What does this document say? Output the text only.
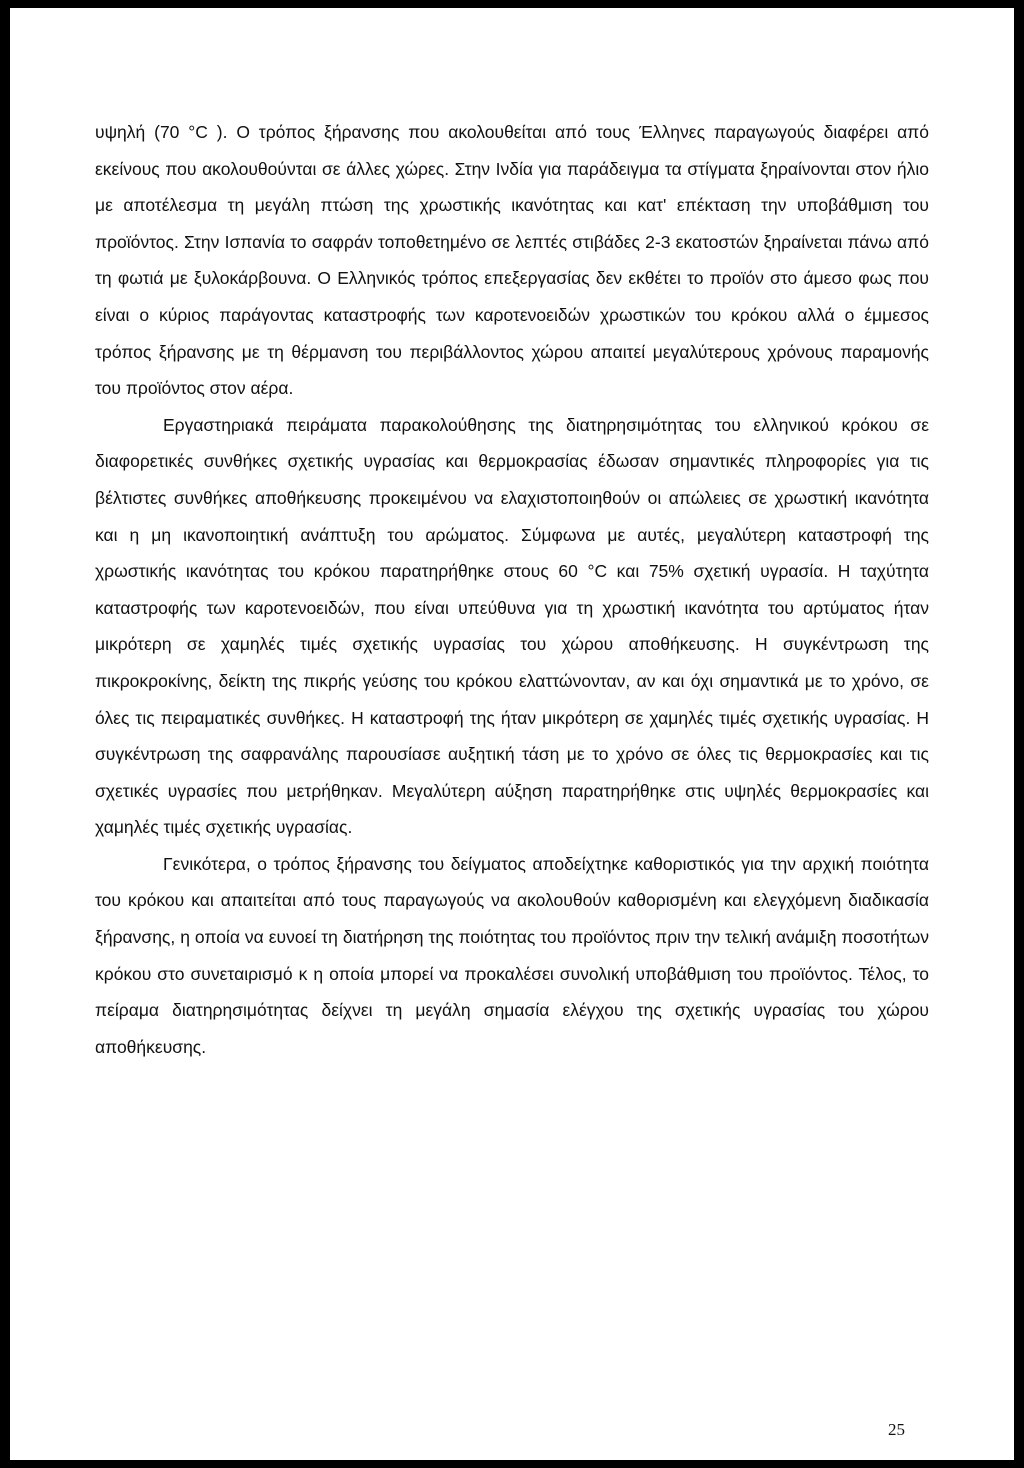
υψηλή (70 °C ). Ο τρόπος ξήρανσης που ακολουθείται από τους Έλληνες παραγωγούς διαφέρει από εκείνους που ακολουθούνται σε άλλες χώρες. Στην Ινδία για παράδειγμα τα στίγματα ξηραίνονται στον ήλιο με αποτέλεσμα τη μεγάλη πτώση της χρωστικής ικανότητας και κατ' επέκταση την υποβάθμιση του προϊόντος. Στην Ισπανία το σαφράν τοποθετημένο σε λεπτές στιβάδες 2-3 εκατοστών ξηραίνεται πάνω από τη φωτιά με ξυλοκάρβουνα. Ο Ελληνικός τρόπος επεξεργασίας δεν εκθέτει το προϊόν στο άμεσο φως που είναι ο κύριος παράγοντας καταστροφής των καροτενοειδών χρωστικών του κρόκου αλλά ο έμμεσος τρόπος ξήρανσης με τη θέρμανση του περιβάλλοντος χώρου απαιτεί μεγαλύτερους χρόνους παραμονής του προϊόντος στον αέρα.

Εργαστηριακά πειράματα παρακολούθησης της διατηρησιμότητας του ελληνικού κρόκου σε διαφορετικές συνθήκες σχετικής υγρασίας και θερμοκρασίας έδωσαν σημαντικές πληροφορίες για τις βέλτιστες συνθήκες αποθήκευσης προκειμένου να ελαχιστοποιηθούν οι απώλειες σε χρωστική ικανότητα και η μη ικανοποιητική ανάπτυξη του αρώματος. Σύμφωνα με αυτές, μεγαλύτερη καταστροφή της χρωστικής ικανότητας του κρόκου παρατηρήθηκε στους 60 °C και 75% σχετική υγρασία. Η ταχύτητα καταστροφής των καροτενοειδών, που είναι υπεύθυνα για τη χρωστική ικανότητα του αρτύματος ήταν μικρότερη σε χαμηλές τιμές σχετικής υγρασίας του χώρου αποθήκευσης. Η συγκέντρωση της πικροκροκίνης, δείκτη της πικρής γεύσης του κρόκου ελαττώνονταν, αν και όχι σημαντικά με το χρόνο, σε όλες τις πειραματικές συνθήκες. Η καταστροφή της ήταν μικρότερη σε χαμηλές τιμές σχετικής υγρασίας. Η συγκέντρωση της σαφρανάλης παρουσίασε αυξητική τάση με το χρόνο σε όλες τις θερμοκρασίες και τις σχετικές υγρασίες που μετρήθηκαν. Μεγαλύτερη αύξηση παρατηρήθηκε στις υψηλές θερμοκρασίες και χαμηλές τιμές σχετικής υγρασίας.

Γενικότερα, ο τρόπος ξήρανσης του δείγματος αποδείχτηκε καθοριστικός για την αρχική ποιότητα του κρόκου και απαιτείται από τους παραγωγούς να ακολουθούν καθορισμένη και ελεγχόμενη διαδικασία ξήρανσης, η οποία να ευνοεί τη διατήρηση της ποιότητας του προϊόντος πριν την τελική ανάμιξη ποσοτήτων κρόκου στο συνεταιρισμό κ η οποία μπορεί να προκαλέσει συνολική υποβάθμιση του προϊόντος. Τέλος, το πείραμα διατηρησιμότητας δείχνει τη μεγάλη σημασία ελέγχου της σχετικής υγρασίας του χώρου αποθήκευσης.

25
